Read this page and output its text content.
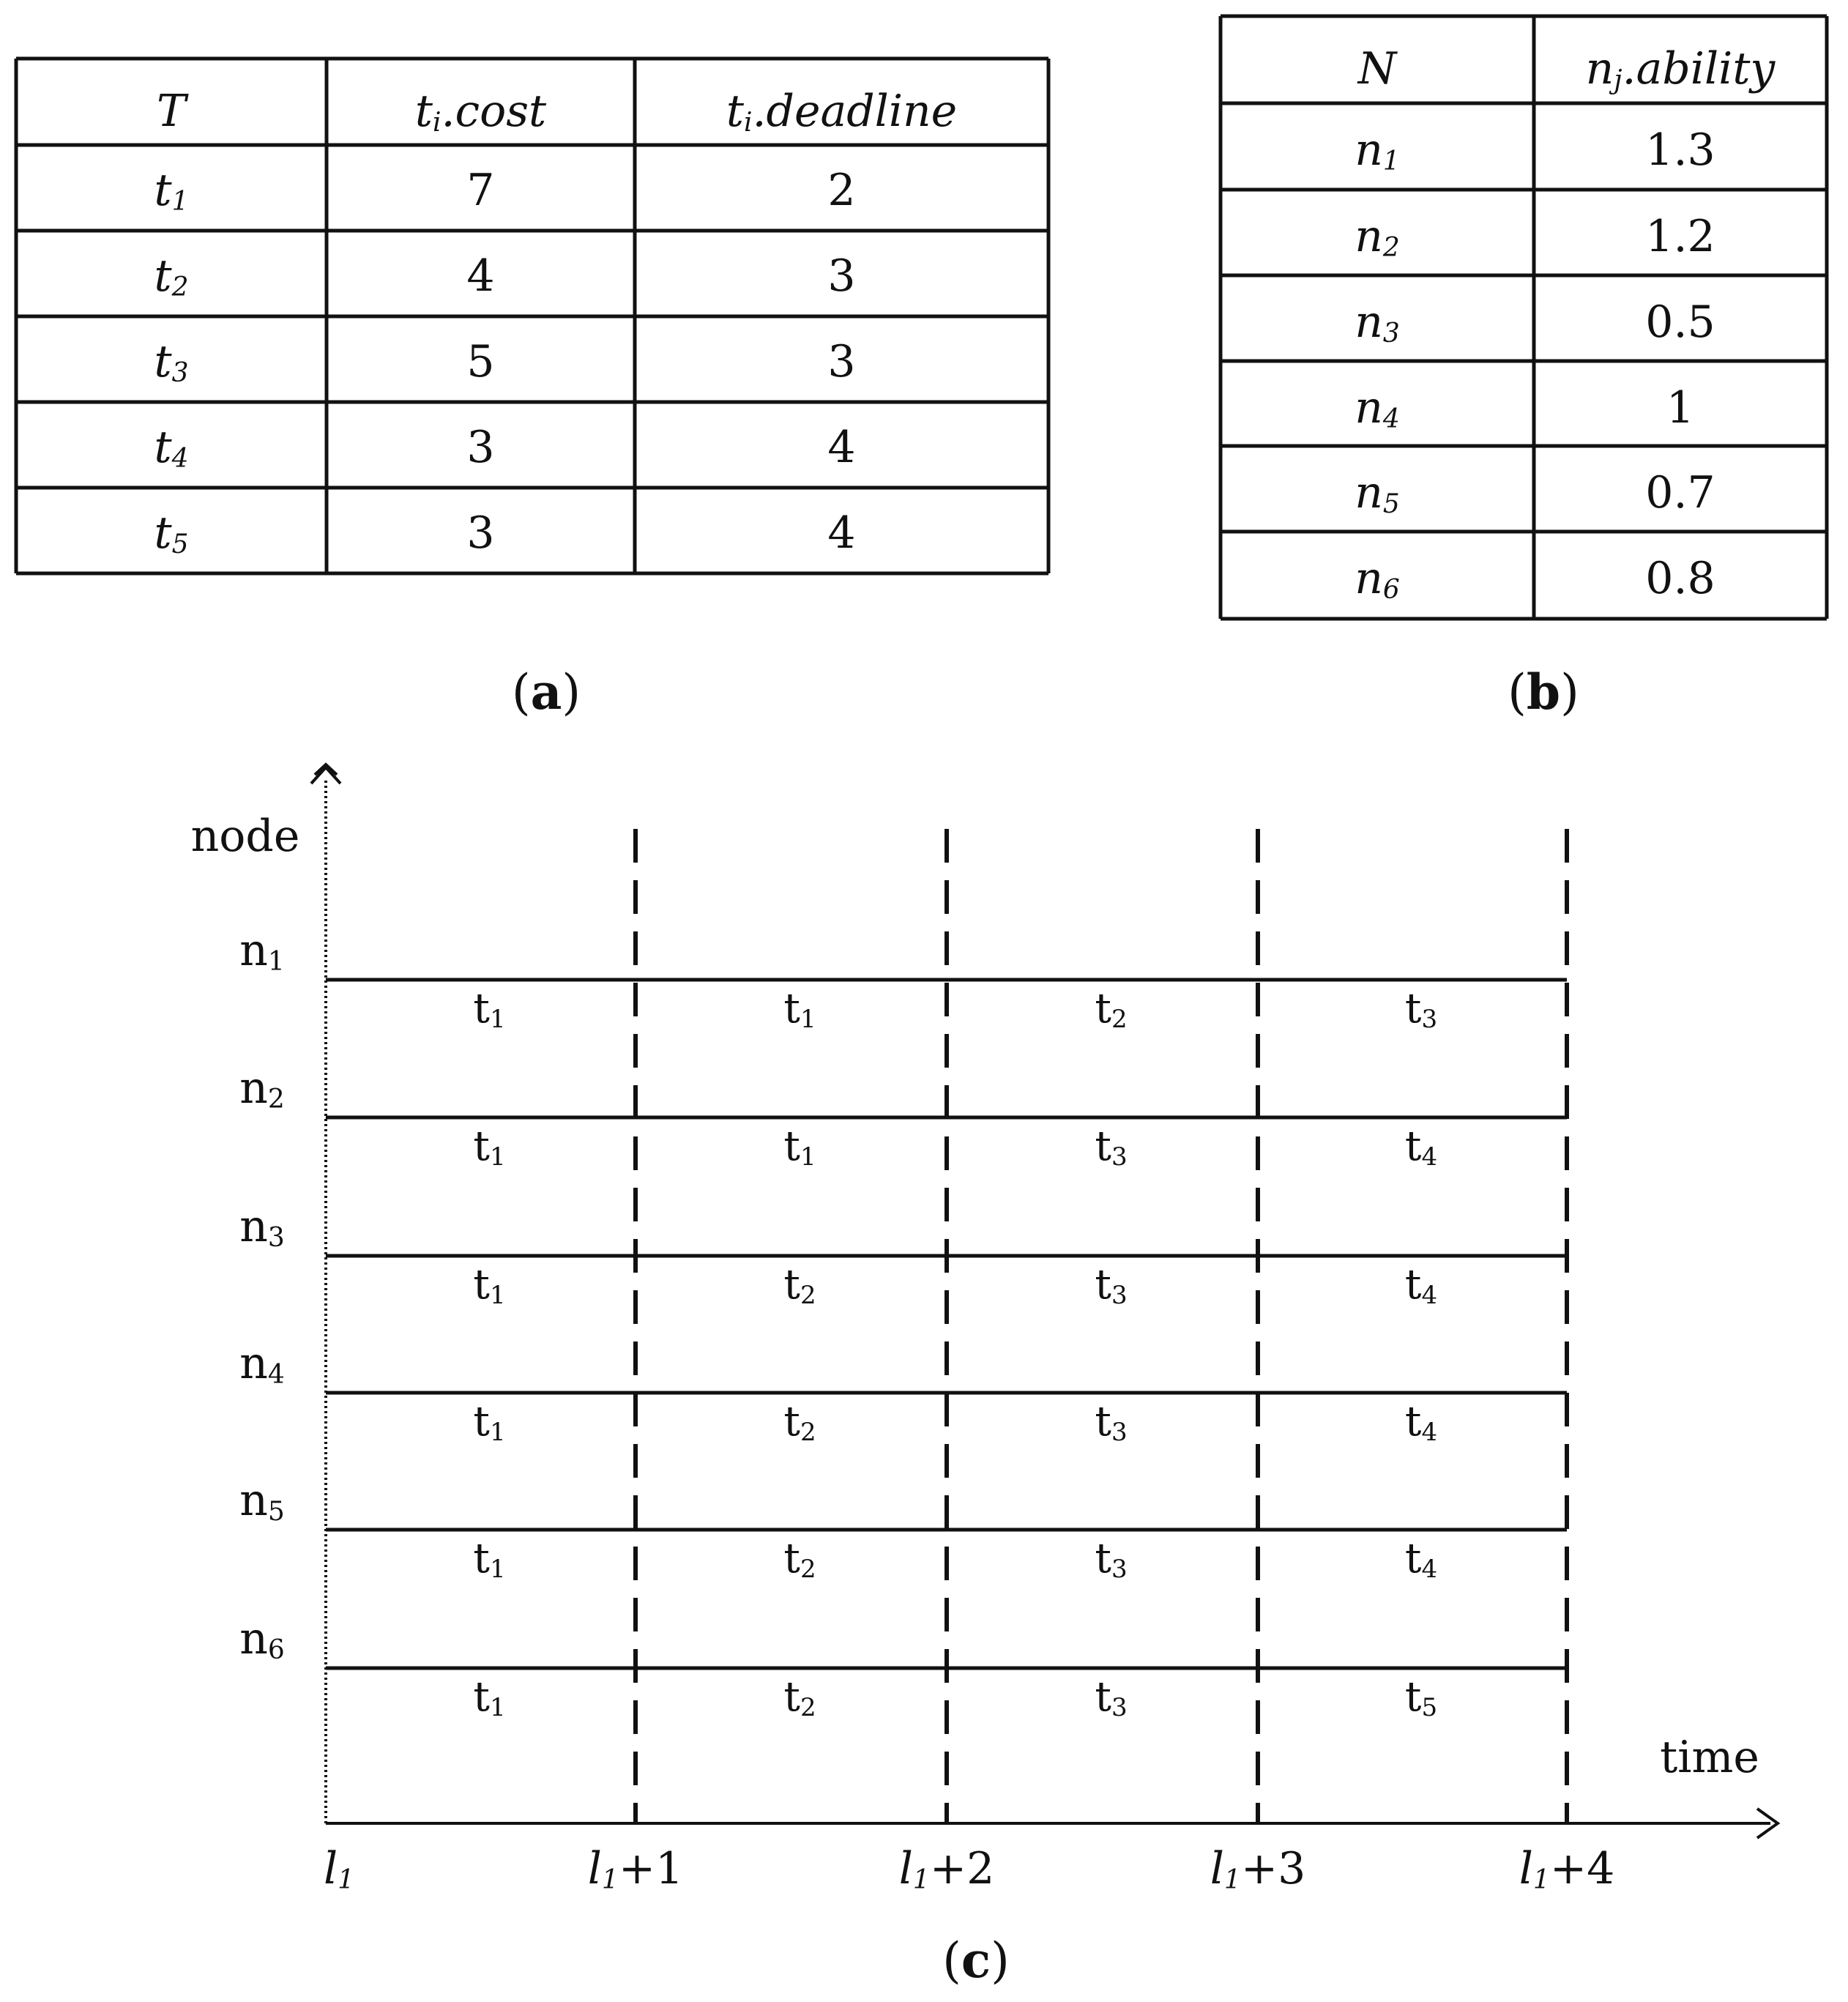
T	ti.cost	ti.deadline
t1	7	2
t2	4	3
t3	5	3
t4	3	4
t5	3	4
N	nj.ability
n1	1.3
n2	1.2
n3	0.5
n4	1
n5	0.7
n6	0.8
node
time
l1	l1+1	l1+2	l1+3	l1+4
n1
t1	t1	t2	t3
n2
t1	t1	t3	t4
n3
t1	t2	t3	t4
n4
t1	t2	t3	t4
n5
t1	t2	t3	t4
n6
t1	t2	t3	t5
(a)	(b)
(c)
